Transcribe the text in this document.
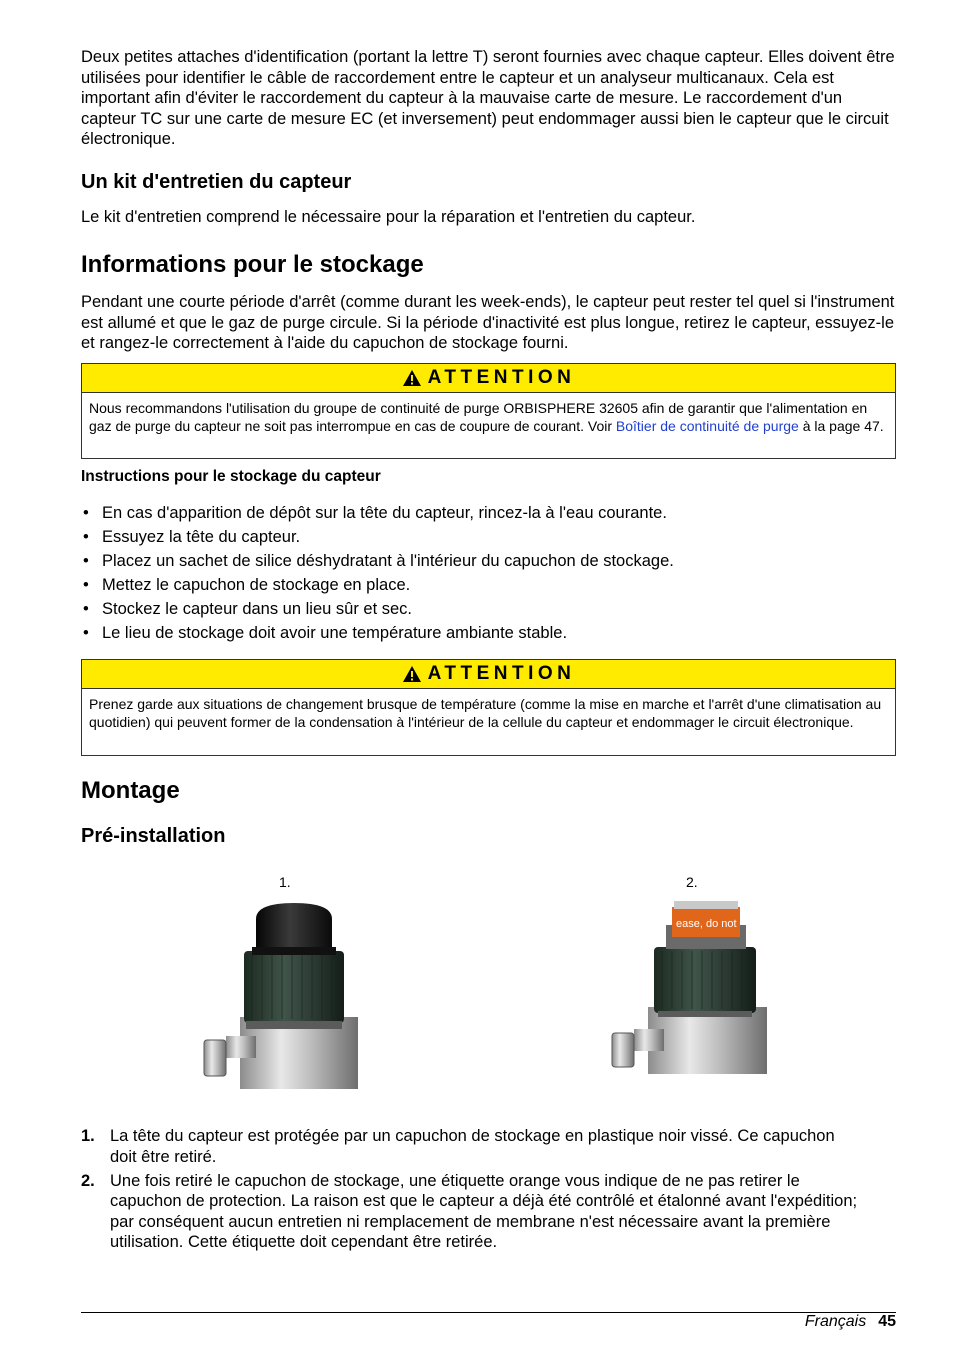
Deux petites attaches d'identification (portant la lettre T) seront fournies avec chaque capteur. Elles doivent être utilisées pour identifier le câble de raccordement entre le capteur et un analyseur multicanaux. Cela est important afin d'éviter le raccordement du capteur à la mauvaise carte de mesure. Le raccordement d'un capteur TC sur une carte de mesure EC (et inversement) peut endommager aussi bien le capteur que le circuit électronique.

Un kit d'entretien du capteur

Le kit d'entretien comprend le nécessaire pour la réparation et l'entretien du capteur.

Informations pour le stockage

Pendant une courte période d'arrêt (comme durant les week-ends), le capteur peut rester tel quel si l'instrument est allumé et que le gaz de purge circule. Si la période d'inactivité est plus longue, retirez le capteur, essuyez-le et rangez-le correctement à l'aide du capuchon de stockage fourni.

ATTENTION
Nous recommandons l'utilisation du groupe de continuité de purge ORBISPHERE 32605 afin de garantir que l'alimentation en gaz de purge du capteur ne soit pas interrompue en cas de coupure de courant. Voir Boîtier de continuité de purge à la page 47.
Instructions pour le stockage du capteur
• En cas d'apparition de dépôt sur la tête du capteur, rincez-la à l'eau courante.
• Essuyez la tête du capteur.
• Placez un sachet de silice déshydratant à l'intérieur du capuchon de stockage.
• Mettez le capuchon de stockage en place.
• Stockez le capteur dans un lieu sûr et sec.
• Le lieu de stockage doit avoir une température ambiante stable.
ATTENTION
Prenez garde aux situations de changement brusque de température (comme la mise en marche et l'arrêt d'une climatisation au quotidien) qui peuvent former de la condensation à l'intérieur de la cellule du capteur et endommager le circuit électronique.
Montage
Pré-installation
1.	2.
ease, do not
1. La tête du capteur est protégée par un capuchon de stockage en plastique noir vissé. Ce capuchon doit être retiré.
2. Une fois retiré le capuchon de stockage, une étiquette orange vous indique de ne pas retirer le capuchon de protection. La raison est que le capteur a déjà été contrôlé et étalonné avant l'expédition; par conséquent aucun entretien ni remplacement de membrane n'est nécessaire avant la première utilisation. Cette étiquette doit cependant être retirée.
Français 45
